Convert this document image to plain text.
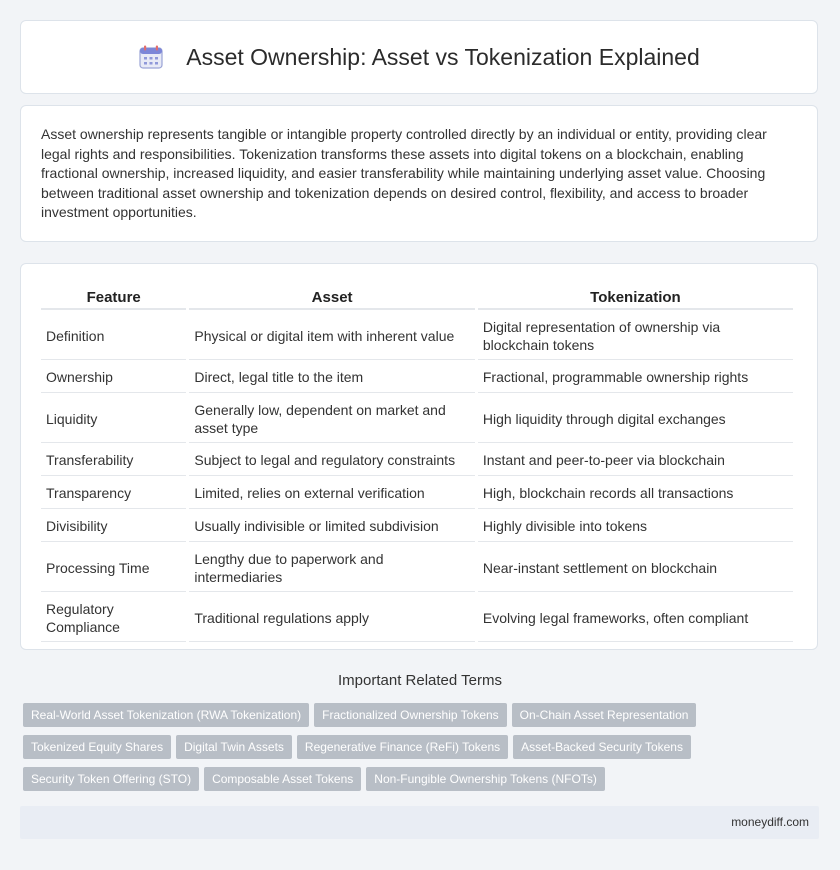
Asset Ownership: Asset vs Tokenization Explained

Asset ownership represents tangible or intangible property controlled directly by an individual or entity, providing clear legal rights and responsibilities. Tokenization transforms these assets into digital tokens on a blockchain, enabling fractional ownership, increased liquidity, and easier transferability while maintaining underlying asset value. Choosing between traditional asset ownership and tokenization depends on desired control, flexibility, and access to broader investment opportunities.

Feature	Asset	Tokenization
Definition	Physical or digital item with inherent value	Digital representation of ownership via blockchain tokens
Ownership	Direct, legal title to the item	Fractional, programmable ownership rights
Liquidity	Generally low, dependent on market and asset type	High liquidity through digital exchanges
Transferability	Subject to legal and regulatory constraints	Instant and peer-to-peer via blockchain
Transparency	Limited, relies on external verification	High, blockchain records all transactions
Divisibility	Usually indivisible or limited subdivision	Highly divisible into tokens
Processing Time	Lengthy due to paperwork and intermediaries	Near-instant settlement on blockchain
Regulatory Compliance	Traditional regulations apply	Evolving legal frameworks, often compliant
Important Related Terms
Real-World Asset Tokenization (RWA Tokenization) Fractionalized Ownership Tokens On-Chain Asset Representation
Tokenized Equity Shares Digital Twin Assets Regenerative Finance (ReFi) Tokens Asset-Backed Security Tokens
Security Token Offering (STO) Composable Asset Tokens Non-Fungible Ownership Tokens (NFOTs)
moneydiff.com
